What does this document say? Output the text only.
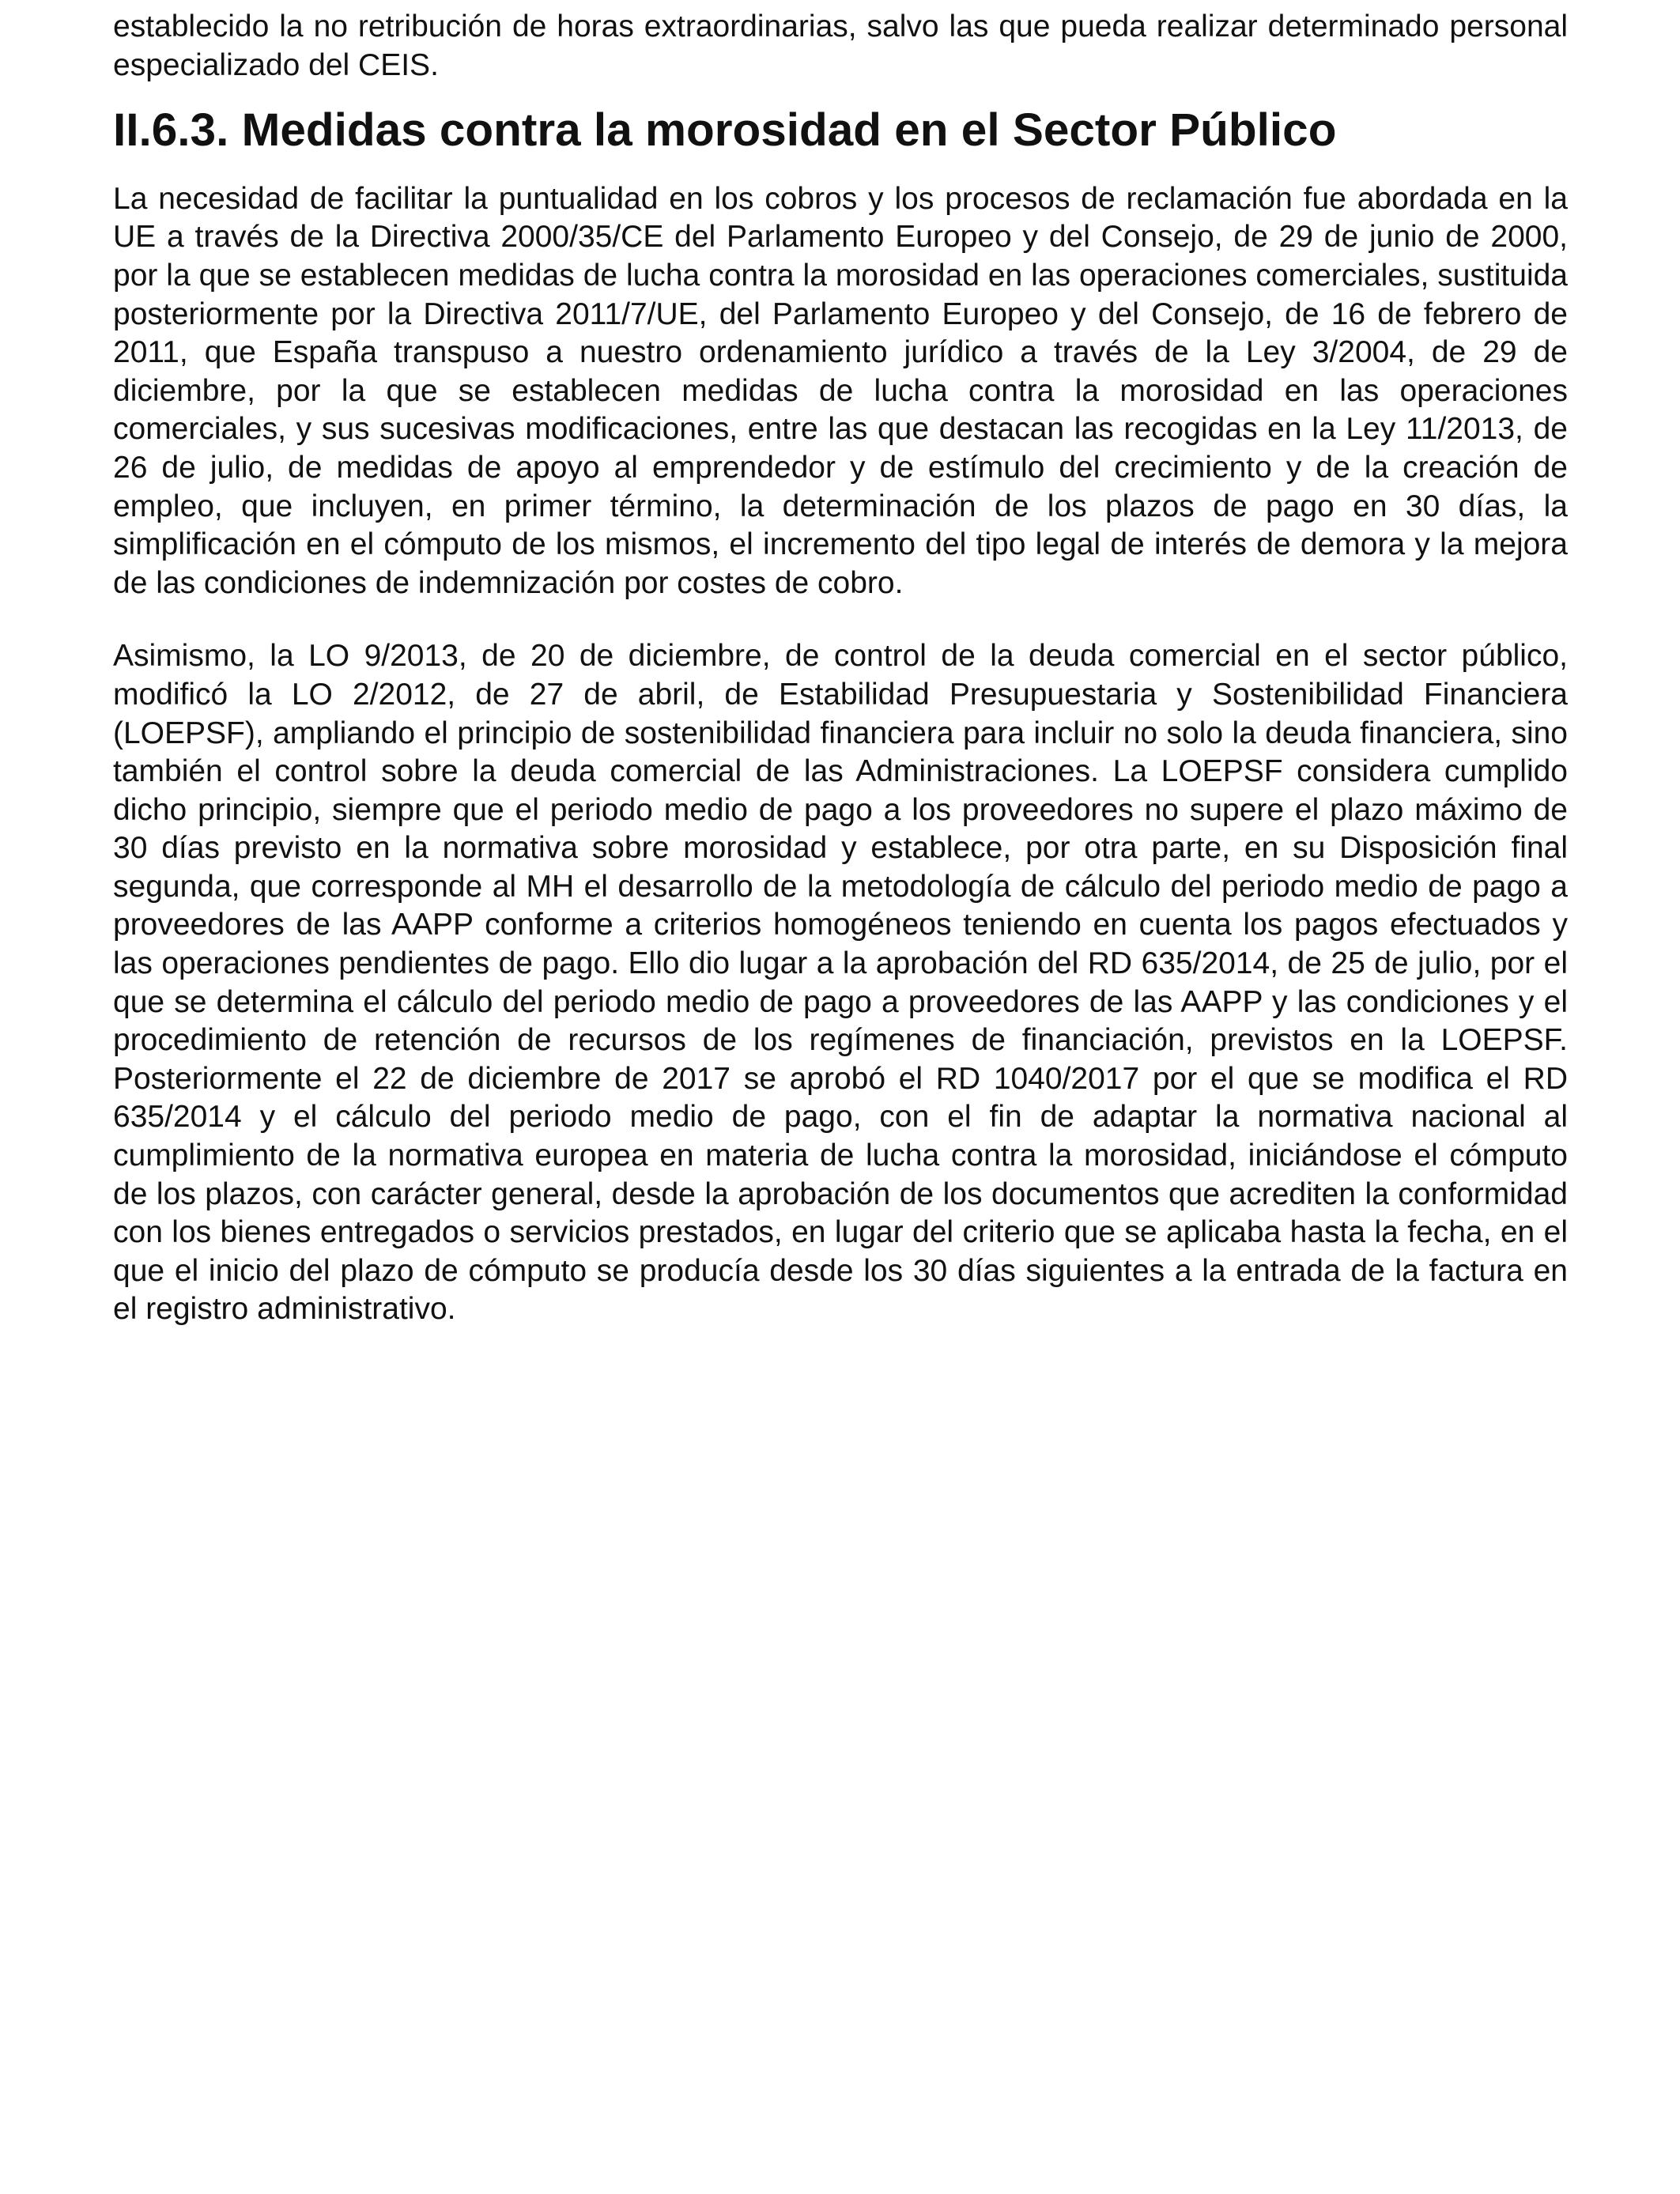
establecido la no retribución de horas extraordinarias, salvo las que pueda realizar determinado personal especializado del CEIS.

II.6.3. Medidas contra la morosidad en el Sector Público

La necesidad de facilitar la puntualidad en los cobros y los procesos de reclamación fue abordada en la UE a través de la Directiva 2000/35/CE del Parlamento Europeo y del Consejo, de 29 de junio de 2000, por la que se establecen medidas de lucha contra la morosidad en las operaciones comerciales, sustituida posteriormente por la Directiva 2011/7/UE, del Parlamento Europeo y del Consejo, de 16 de febrero de 2011, que España transpuso a nuestro ordenamiento jurídico a través de la Ley 3/2004, de 29 de diciembre, por la que se establecen medidas de lucha contra la morosidad en las operaciones comerciales, y sus sucesivas modificaciones, entre las que destacan las recogidas en la Ley 11/2013, de 26 de julio, de medidas de apoyo al emprendedor y de estímulo del crecimiento y de la creación de empleo, que incluyen, en primer término, la determinación de los plazos de pago en 30 días, la simplificación en el cómputo de los mismos, el incremento del tipo legal de interés de demora y la mejora de las condiciones de indemnización por costes de cobro.

Asimismo, la LO 9/2013, de 20 de diciembre, de control de la deuda comercial en el sector público, modificó la LO 2/2012, de 27 de abril, de Estabilidad Presupuestaria y Sostenibilidad Financiera (LOEPSF), ampliando el principio de sostenibilidad financiera para incluir no solo la deuda financiera, sino también el control sobre la deuda comercial de las Administraciones. La LOEPSF considera cumplido dicho principio, siempre que el periodo medio de pago a los proveedores no supere el plazo máximo de 30 días previsto en la normativa sobre morosidad y establece, por otra parte, en su Disposición final segunda, que corresponde al MH el desarrollo de la metodología de cálculo del periodo medio de pago a proveedores de las AAPP conforme a criterios homogéneos teniendo en cuenta los pagos efectuados y las operaciones pendientes de pago. Ello dio lugar a la aprobación del RD 635/2014, de 25 de julio, por el que se determina el cálculo del periodo medio de pago a proveedores de las AAPP y las condiciones y el procedimiento de retención de recursos de los regímenes de financiación, previstos en la LOEPSF. Posteriormente el 22 de diciembre de 2017 se aprobó el RD 1040/2017 por el que se modifica el RD 635/2014 y el cálculo del periodo medio de pago, con el fin de adaptar la normativa nacional al cumplimiento de la normativa europea en materia de lucha contra la morosidad, iniciándose el cómputo de los plazos, con carácter general, desde la aprobación de los documentos que acrediten la conformidad con los bienes entregados o servicios prestados, en lugar del criterio que se aplicaba hasta la fecha, en el que el inicio del plazo de cómputo se producía desde los 30 días siguientes a la entrada de la factura en el registro administrativo.
